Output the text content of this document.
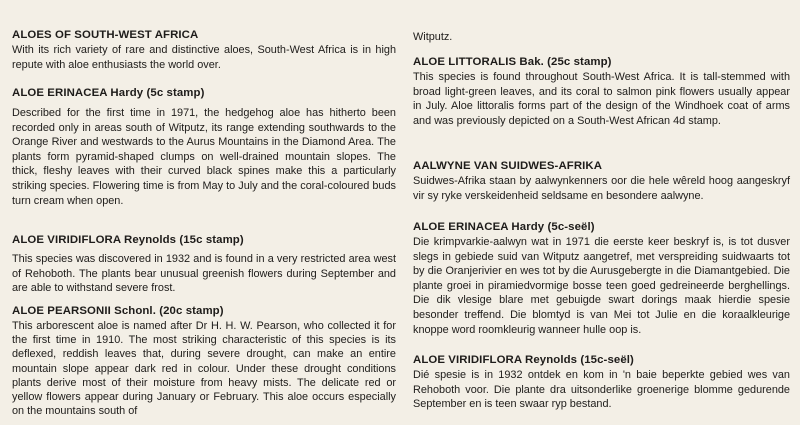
ALOES OF SOUTH-WEST AFRICA

With its rich variety of rare and distinctive aloes, South-West Africa is in high repute with aloe enthusiasts the world over.

ALOE ERINACEA Hardy (5c stamp)

Described for the first time in 1971, the hedgehog aloe has hitherto been recorded only in areas south of Witputz, its range extending southwards to the Orange River and westwards to the Aurus Mountains in the Diamond Area. The plants form pyramid-shaped clumps on well-drained mountain slopes. The thick, fleshy leaves with their curved black spines make this a particularly striking species. Flowering time is from May to July and the coral-coloured buds turn cream when open.

ALOE VIRIDIFLORA Reynolds (15c stamp)

This species was discovered in 1932 and is found in a very restricted area west of Rehoboth. The plants bear unusual greenish flowers during September and are able to withstand severe frost.

ALOE PEARSONII Schonl. (20c stamp)

This arborescent aloe is named after Dr H. H. W. Pearson, who collected it for the first time in 1910. The most striking characteristic of this species is its deflexed, reddish leaves that, during severe drought, can make an entire mountain slope appear dark red in colour. Under these drought conditions plants derive most of their moisture from heavy mists. The delicate red or yellow flowers appear during January or February. This aloe occurs especially on the mountains south of

Witputz.

ALOE LITTORALIS Bak. (25c stamp)

This species is found throughout South-West Africa. It is tall-stemmed with broad light-green leaves, and its coral to salmon pink flowers usually appear in July. Aloe littoralis forms part of the design of the Windhoek coat of arms and was previously depicted on a South-West African 4d stamp.

AALWYNE VAN SUIDWES-AFRIKA

Suidwes-Afrika staan by aalwynkenners oor die hele wêreld hoog aangeskryf vir sy ryke verskeidenheid seldsame en besondere aalwyne.

ALOE ERINACEA Hardy (5c-seël)

Die krimpvarkie-aalwyn wat in 1971 die eerste keer beskryf is, is tot dusver slegs in gebiede suid van Witputz aangetref, met verspreiding suidwaarts tot by die Oranjerivier en wes tot by die Aurusgebergte in die Diamantgebied. Die plante groei in piramiedvormige bosse teen goed gedreineerde berghellings. Die dik vlesige blare met gebuigde swart dorings maak hierdie spesie besonder treffend. Die blomtyd is van Mei tot Julie en die koraalkleurige knoppe word roomkleurig wanneer hulle oop is.

ALOE VIRIDIFLORA Reynolds (15c-seël)

Dié spesie is in 1932 ontdek en kom in 'n baie beperkte gebied wes van Rehoboth voor. Die plante dra uitsonderlike groenerige blomme gedurende September en is teen swaar ryp bestand.
